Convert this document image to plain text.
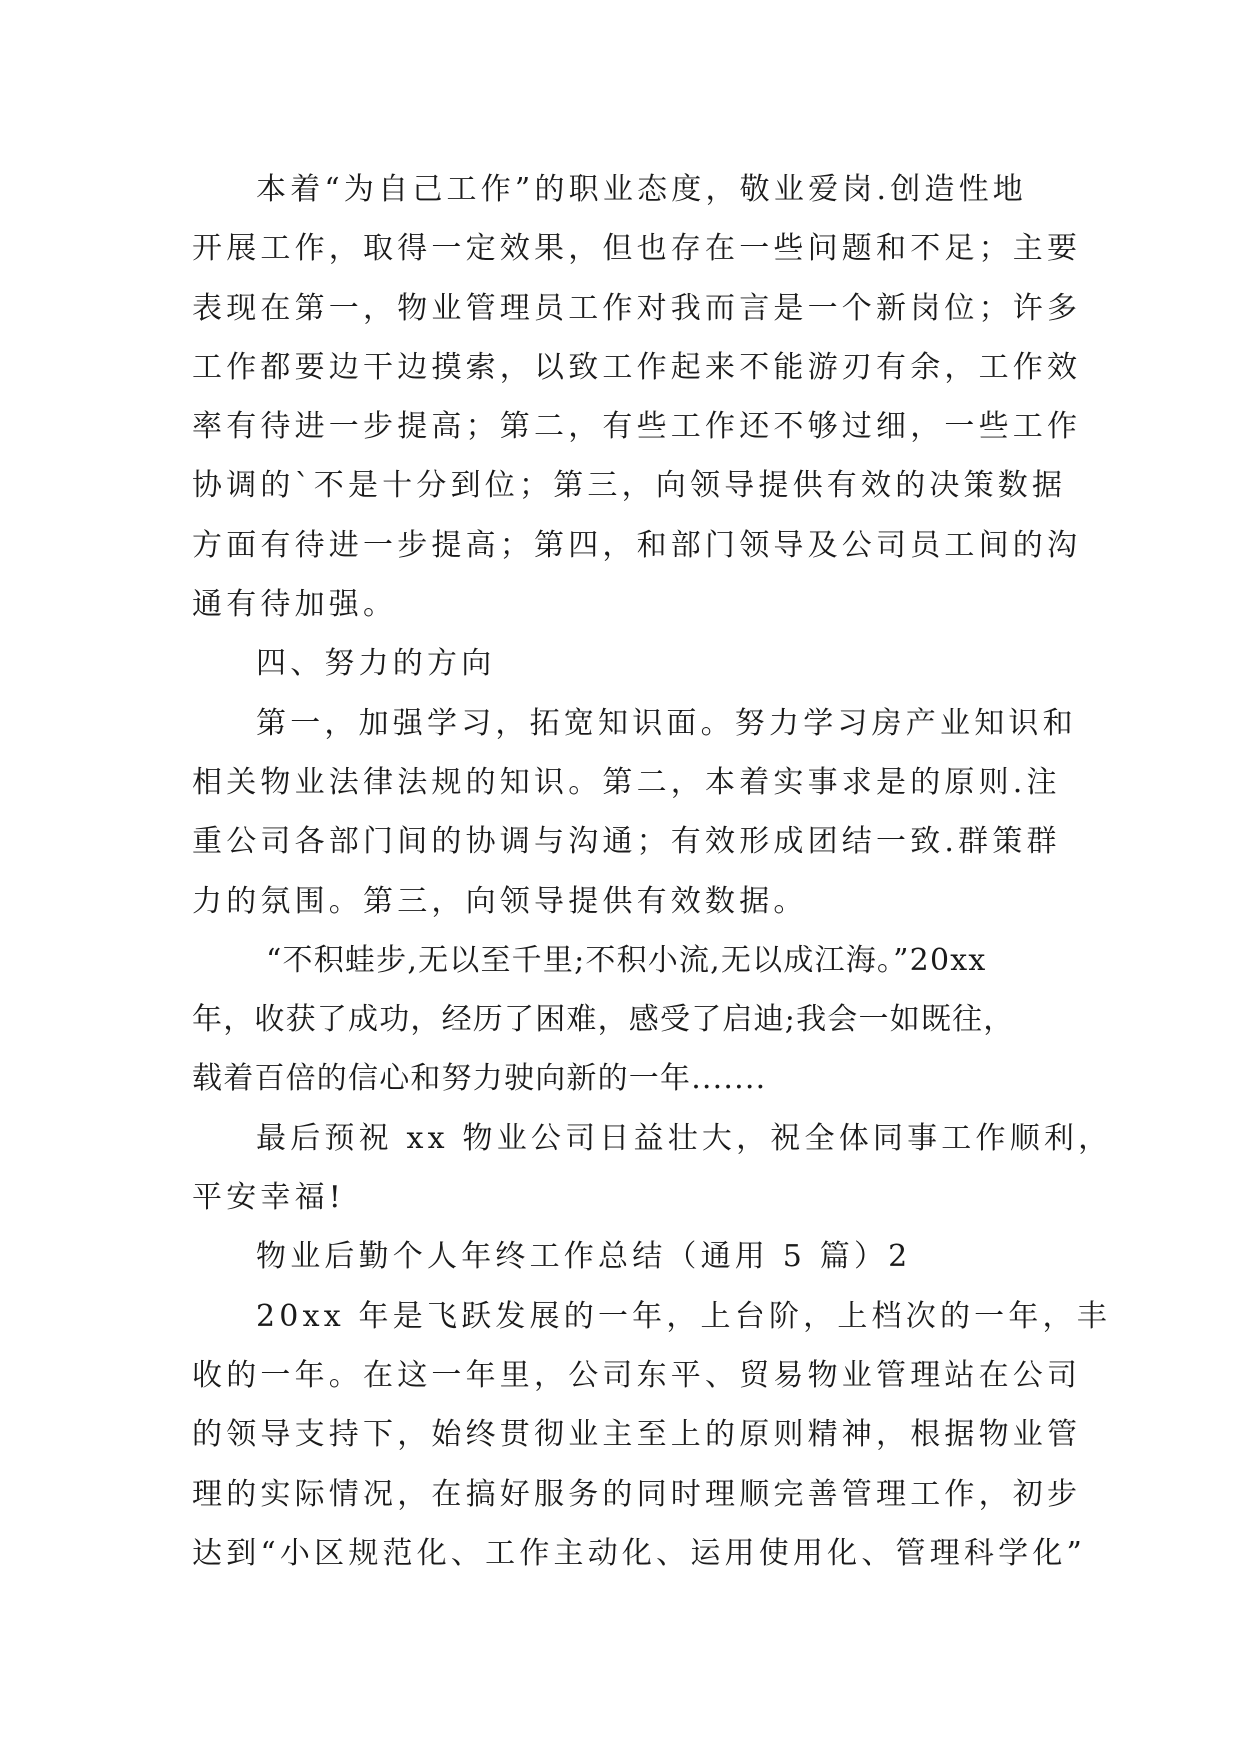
本着“为自己工作”的职业态度，敬业爱岗.创造性地
开展工作，取得一定效果，但也存在一些问题和不足；主要
表现在第一，物业管理员工作对我而言是一个新岗位；许多
工作都要边干边摸索，以致工作起来不能游刃有余，工作效
率有待进一步提高；第二，有些工作还不够过细，一些工作
协调的`不是十分到位；第三，向领导提供有效的决策数据
方面有待进一步提高；第四，和部门领导及公司员工间的沟
通有待加强。
四、努力的方向
第一，加强学习，拓宽知识面。努力学习房产业知识和
相关物业法律法规的知识。第二，本着实事求是的原则.注
重公司各部门间的协调与沟通；有效形成团结一致.群策群
力的氛围。第三，向领导提供有效数据。
“不积蛙步,无以至千里;不积小流,无以成江海。”20xx
年，收获了成功，经历了困难，感受了启迪;我会一如既往，
载着百倍的信心和努力驶向新的一年.......
最后预祝 xx 物业公司日益壮大，祝全体同事工作顺利，
平安幸福!
物业后勤个人年终工作总结（通用 5 篇）2
20xx 年是飞跃发展的一年，上台阶，上档次的一年，丰
收的一年。在这一年里，公司东平、贸易物业管理站在公司
的领导支持下，始终贯彻业主至上的原则精神，根据物业管
理的实际情况，在搞好服务的同时理顺完善管理工作，初步
达到“小区规范化、工作主动化、运用使用化、管理科学化”
